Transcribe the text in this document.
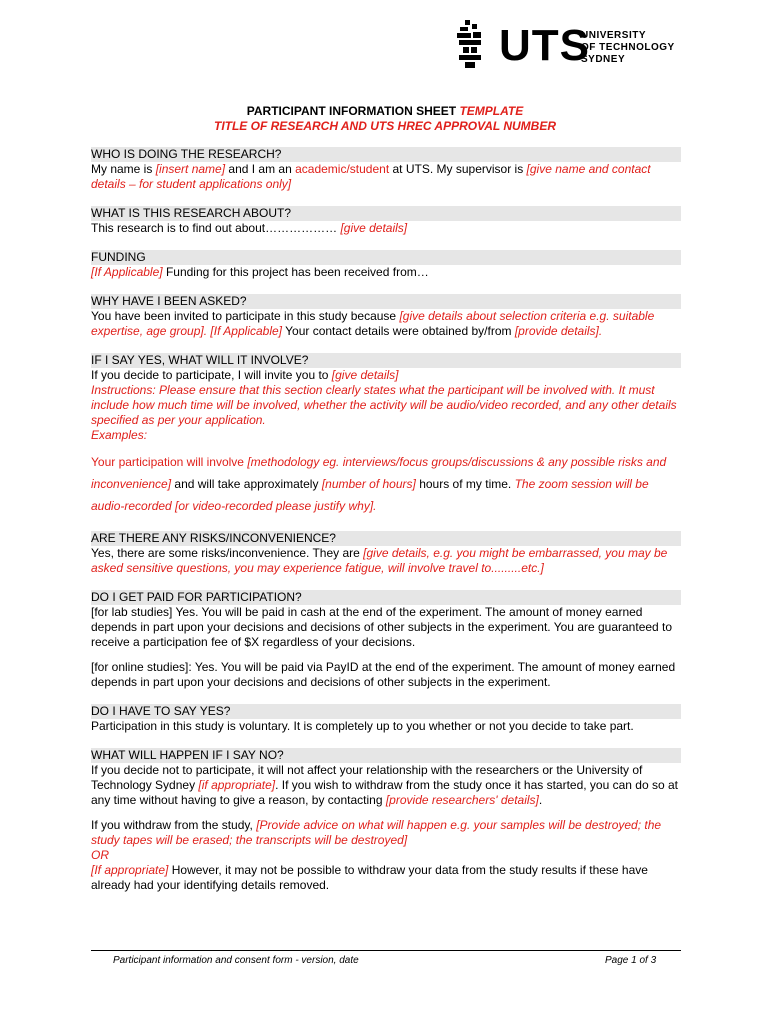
UTS
UNIVERSITY
OF TECHNOLOGY
SYDNEY
PARTICIPANT INFORMATION SHEET TEMPLATE
TITLE OF RESEARCH AND UTS HREC APPROVAL NUMBER
WHO IS DOING THE RESEARCH?
My name is [insert name] and I am an academic/student at UTS. My supervisor is [give name and contact details – for student applications only]
WHAT IS THIS RESEARCH ABOUT?
This research is to find out about……………… [give details]
FUNDING
[If Applicable] Funding for this project has been received from…
WHY HAVE I BEEN ASKED?
You have been invited to participate in this study because [give details about selection criteria e.g. suitable expertise, age group]. [If Applicable] Your contact details were obtained by/from [provide details].
IF I SAY YES, WHAT WILL IT INVOLVE?
If you decide to participate, I will invite you to [give details]
Instructions: Please ensure that this section clearly states what the participant will be involved with. It must include how much time will be involved, whether the activity will be audio/video recorded, and any other details specified as per your application.
Examples:
Your participation will involve [methodology eg. interviews/focus groups/discussions & any possible risks and inconvenience] and will take approximately [number of hours] hours of my time. The zoom session will be audio-recorded [or video-recorded please justify why].
ARE THERE ANY RISKS/INCONVENIENCE?
Yes, there are some risks/inconvenience. They are [give details, e.g. you might be embarrassed, you may be asked sensitive questions, you may experience fatigue, will involve travel to.........etc.]
DO I GET PAID FOR PARTICIPATION?
[for lab studies] Yes. You will be paid in cash at the end of the experiment. The amount of money earned depends in part upon your decisions and decisions of other subjects in the experiment. You are guaranteed to receive a participation fee of $X regardless of your decisions.
[for online studies]: Yes. You will be paid via PayID at the end of the experiment. The amount of money earned depends in part upon your decisions and decisions of other subjects in the experiment.
DO I HAVE TO SAY YES?
Participation in this study is voluntary. It is completely up to you whether or not you decide to take part.
WHAT WILL HAPPEN IF I SAY NO?
If you decide not to participate, it will not affect your relationship with the researchers or the University of Technology Sydney [if appropriate]. If you wish to withdraw from the study once it has started, you can do so at any time without having to give a reason, by contacting [provide researchers' details].
If you withdraw from the study, [Provide advice on what will happen e.g. your samples will be destroyed; the study tapes will be erased; the transcripts will be destroyed]
OR
[If appropriate] However, it may not be possible to withdraw your data from the study results if these have already had your identifying details removed.
Participant information and consent form - version, date	Page 1 of 3
